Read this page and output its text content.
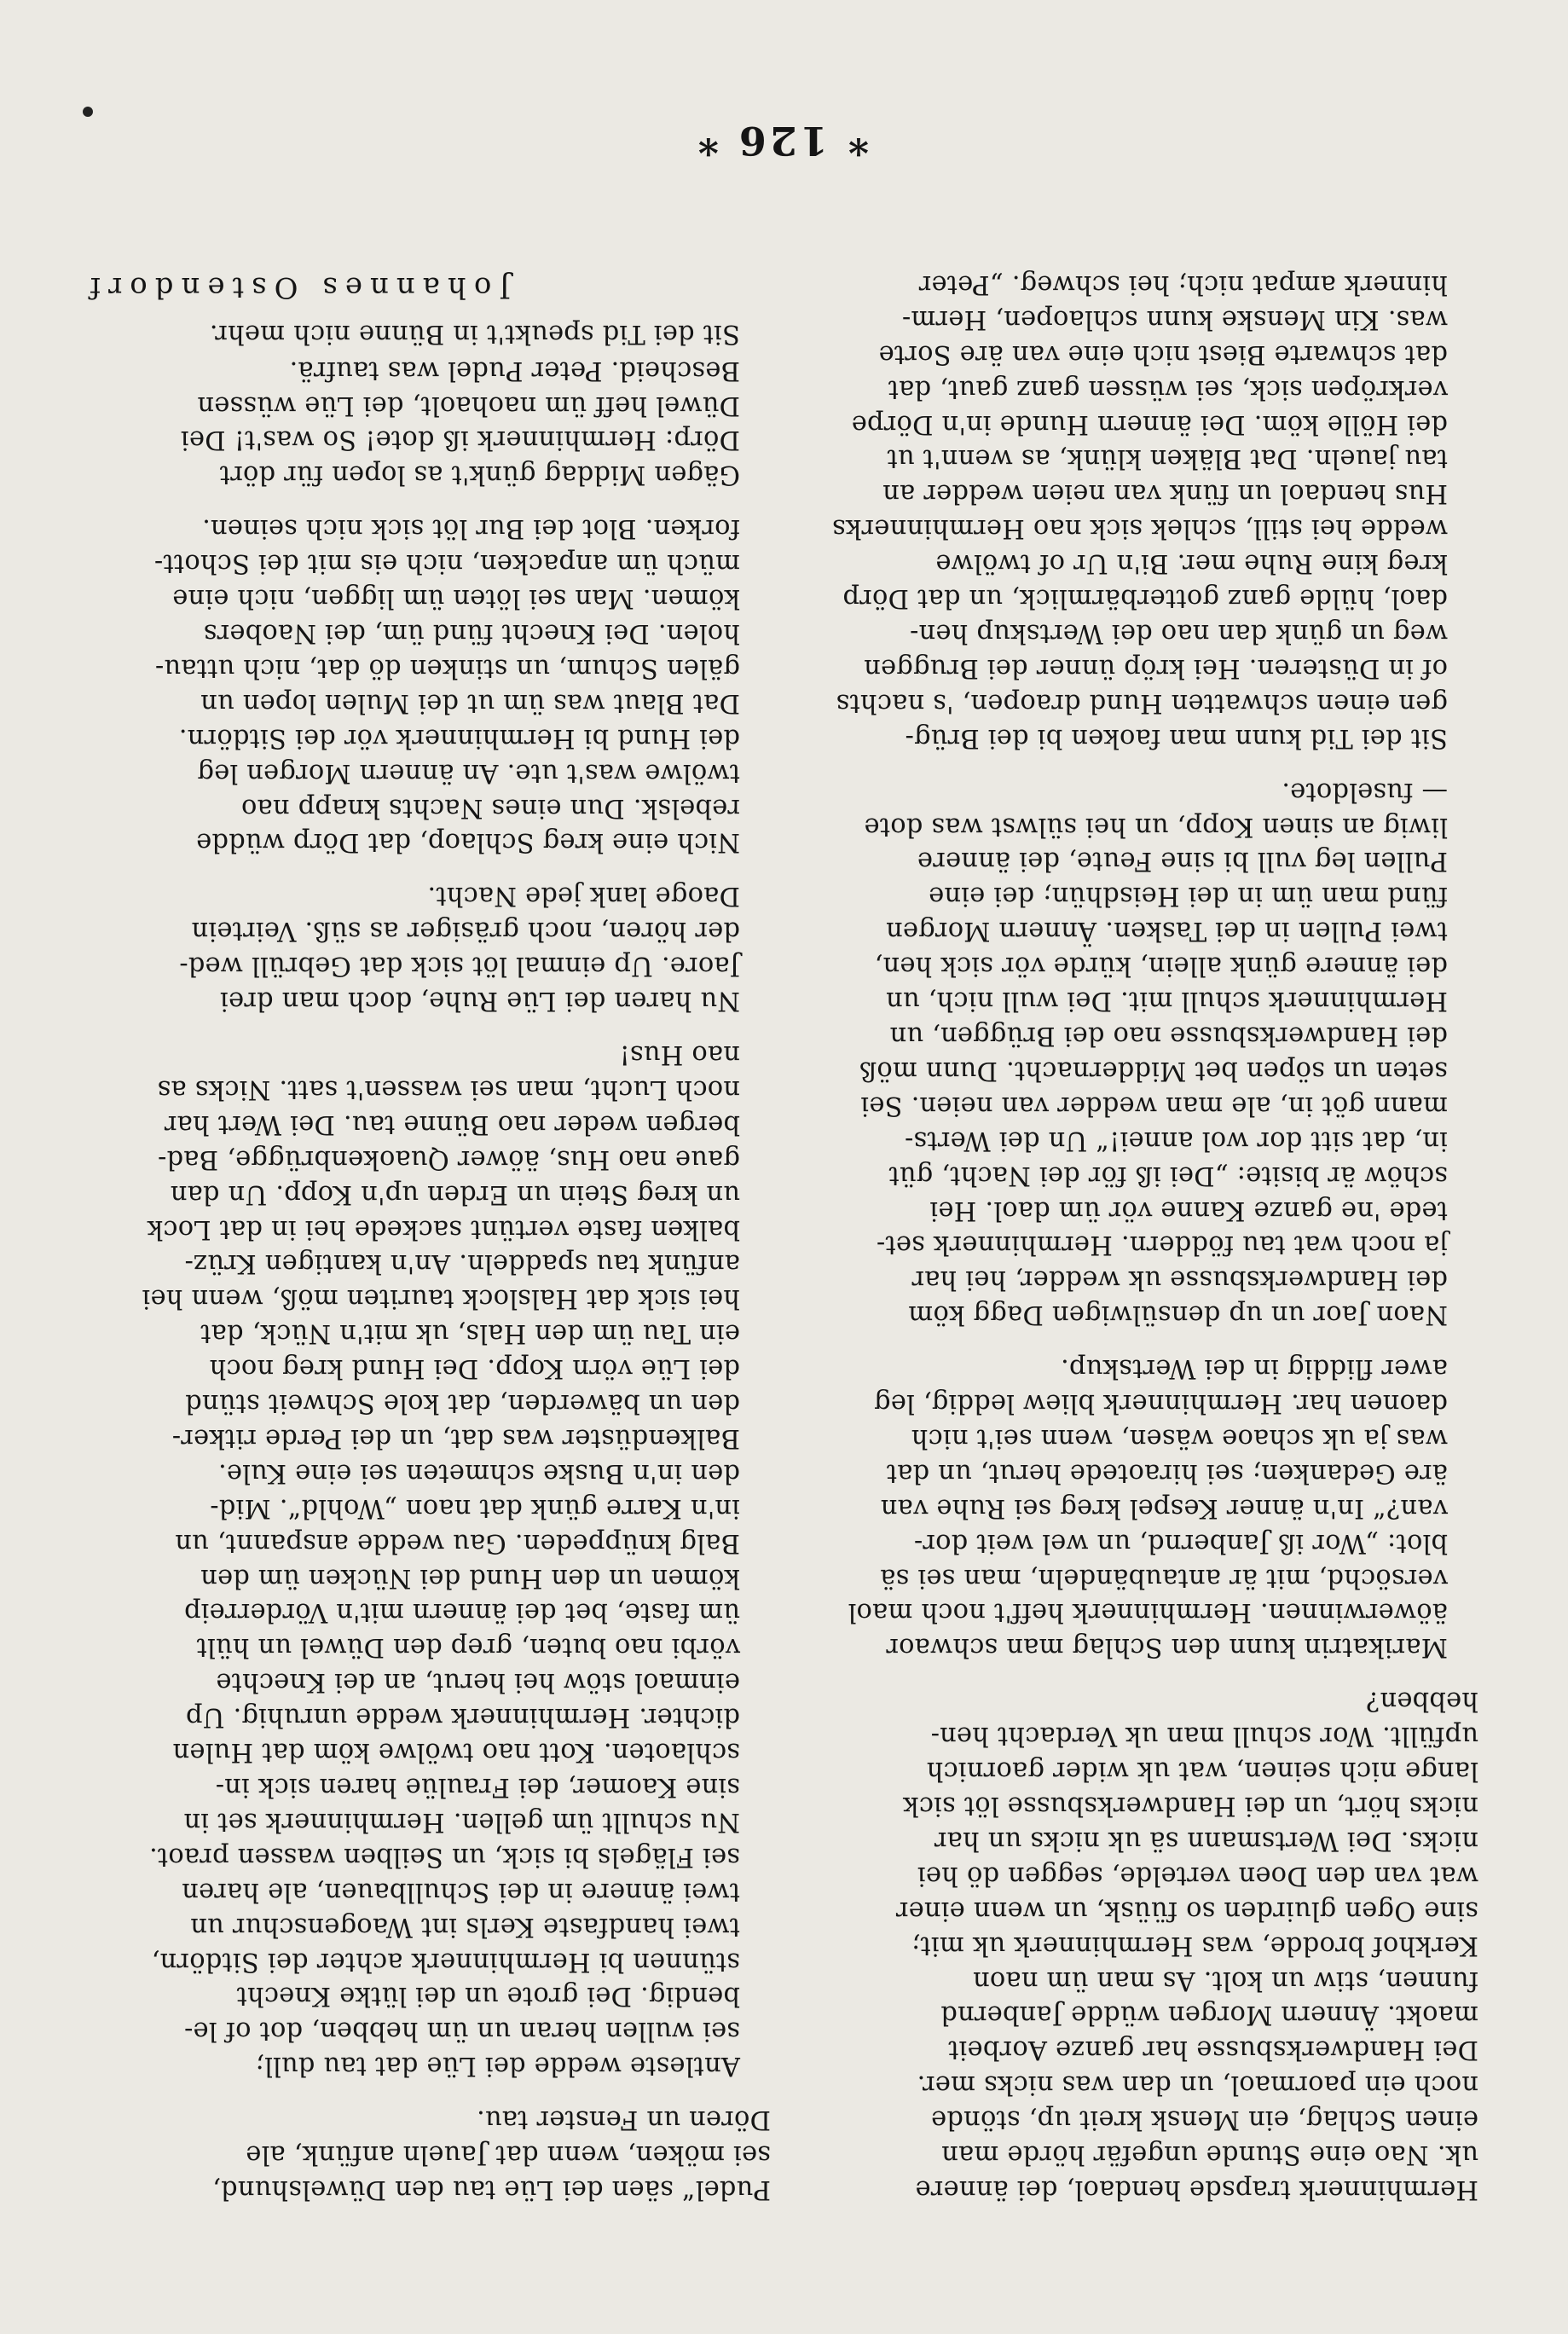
Hermhinnerk trapsde hendaol, dei ännere
uk. Nao eine Stunde ungefär hörde man
einen Schlag, ein Mensk kreit up, stönde
noch ein paormaol, un dan was nicks mer.
Dei Handwerksbusse har ganze Aorbeit
maokt. Ännern Morgen wüdde Janbernd
funnen, stiw un kolt. As man üm naon
Kerkhof brodde, was Hermhinnerk uk mit;
sine Ogen gluirden so füüsk, un wenn einer
wat van den Doen vertelde, seggen dö hei
nicks. Dei Wertsmann sä uk nicks un har
nicks hört, un dei Handwerksbusse löt sick
lange nich seinen, wat uk wider gaornich
upfüllt. Wor schull man uk Verdacht hen-
hebben?

Marikatrin kunn den Schlag man schwaor
äöwerwinnen. Hermhinnerk heff't noch maol
versöchd, mit är antaubändeln, man sei sä
blot: „Wor iß Janbernd, un wel weit dor-
van?“ In'n änner Kespel kreg sei Ruhe van
äre Gedanken; sei hiraotede herut, un dat
was ja uk schaoe wäsen, wenn sei't nich
daonen har. Hermhinnerk bliew leddig, leg
awer fliddig in dei Wertskup.

Naon Jaor un up densülwigen Dagg köm
dei Handwerksbusse uk wedder, hei har
ja noch wat tau föddern. Hermhinnerk set-
tede 'ne ganze Kanne vör üm daol. Hei
schöw är bisite: „Dei iß för dei Nacht, güt
in, dat sitt dor wol annei!“ Un dei Werts-
mann göt in, ale man wedder van neien. Sei
seten un söpen bet Middernacht. Dunn möß
dei Handwerksbusse nao dei Brüggen, un
Hermhinnerk schull mit. Dei wull nich, un
dei ännere günk allein, kürde vör sick hen,
twei Pullen in dei Tasken. Ännern Morgen
fünd man üm in dei Heisdhün; dei eine
Pullen leg vull bi sine Feute, dei ännere
liwig an sinen Kopp, un hei sülwst was dote
— fuseldote.

Sit dei Tid kunn man faoken bi dei Brüg-
gen einen schwatten Hund draopen, 's nachts
of in Düsteren. Hei kröp ünner dei Bruggen
weg un günk dan nao dei Wertskup hen-
daol, hüldе ganz gotterbärmlick, un dat Dörp
kreg kine Ruhe mer. Bi'n Ur of twölwe
wedde hei still, schlek sick nao Hermhinnerks
Hus hendaol un fünk van neien wedder an
tau jaueln. Dat Bläken klünk, as wenn't ut
dei Hölle köm. Dei ännern Hunde in'n Dörpe
verkröpen sick, sei wüssen ganz gaut, dat
dat schwarte Biest nich eine van äre Sorte
was. Kin Menske kunn schlaopen, Herm-
hinnerk ampat nich; hei schweg. „Peter

Pudel“ säen dei Lüe tau den Düwelshund,
sei möken, wenn dat Jaueln anfünk, ale
Dören un Fenster tau.

Antleste wedde dei Lüe dat tau dull;
sei wullen heran un üm hebben, dot of le-
bendig. Dei grote un dei lütke Knecht
stünnen bi Hermhinnerk achter dei Sitdörn,
twei handfaste Kerls int Waogenschur un
twei ännere in dei Schullbauen, ale haren
sei Flägels bi sick, un Seilben wassen praot.
Nu schullt üm gellen. Hermhinnerk set in
sine Kaomer, dei Fraulüe haren sick in-
schlaoten. Kott nao twölwe köm dat Hulen
dichter. Hermhinnerk wedde unruhig. Up
einmaol stöw hei herut, an dei Knechte
vörbi nao buten, grep den Düwel un hült
üm faste, bet dei ännern mit'n Vörderreip
kömen un den Hund dei Nücken üm den
Balg knüppeden. Gau wedde anspannt, un
in'n Karre günk dat naon „Wohld“. Mid-
den in'n Buske schmeten sei eine Kule.
Balkendüster was dat, un dei Perde ritker-
den un bäwerden, dat kole Schweit stünd
dei Lüe vörn Kopp. Dei Hund kreg noch
ein Tau üm den Hals, uk mit'n Nück, dat
hei sick dat Halslock tauriten möß, wenn hei
anfünk tau spaddeln. An'n kantigen Krüz-
balken faste vertünt sackede hei in dat Lock
un kreg Stein un Erden up'n Kopp. Un dan
gaue nao Hus, äöwer Quaokenbrügge, Bad-
bergen weder nao Bünne tau. Dei Wert har
noch Lucht, man sei wassen't satt. Nicks as
nao Hus!

Nu haren dei Lüe Ruhe, doch man drei
Jaore. Up einmal löt sick dat Gebrüll wed-
der hören, noch gräsiger as süß. Veirtein
Daoge lank jede Nacht.

Nich eine kreg Schlaop, dat Dörp wüdde
rebelsk. Dun eines Nachts knapp nao
twölwe was't ute. An ännern Morgen leg
dei Hund bi Hermhinnerk vör dei Sitdörn.
Dat Blaut was üm ut dei Mulen lopen un
gälen Schum, un stinken dö dat, nich uttau-
holen. Dei Knecht fünd üm, dei Naobers
kömen. Man sei löten üm liggen, nich eine
müch üm anpacken, nich eis mit dei Schott-
forken. Blot dei Bur löt sick nich seinen.

Gägen Middag günk't as lopen für dört
Dörp: Hermhinnerk iß dote! So was't! Dei
Düwel heff üm naohaolt, dei Lüe wüssen
Bescheid. Peter Pudel was taufrä.

Sit dei Tid speukt't in Bünne nich mehr.

Johannes Ostendorf
* 126 *
